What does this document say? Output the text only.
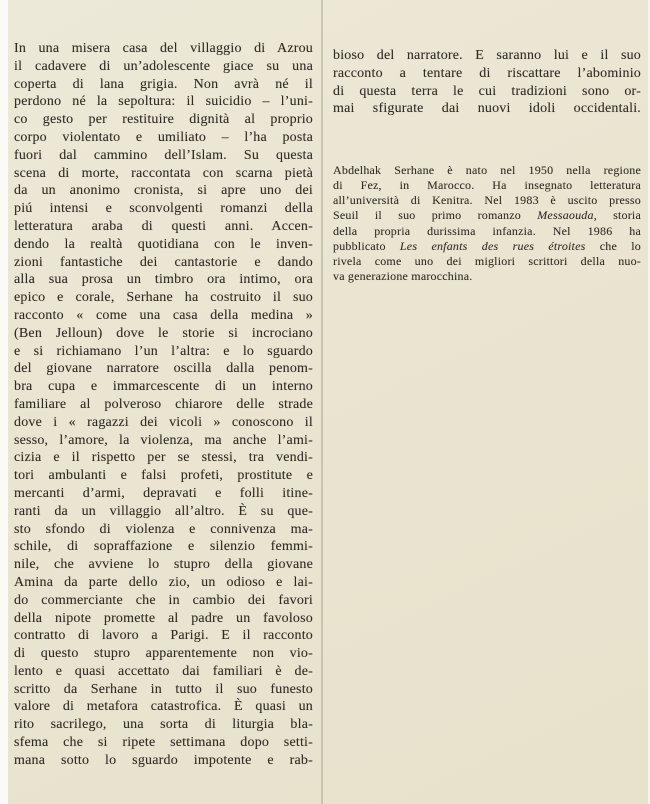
In una misera casa del villaggio di Azrou
il cadavere di un’adolescente giace su una
coperta di lana grigia. Non avrà né il
perdono né la sepoltura: il suicidio – l’uni-
co gesto per restituire dignità al proprio
corpo violentato e umiliato – l’ha posta
fuori dal cammino dell’Islam. Su questa
scena di morte, raccontata con scarna pietà
da un anonimo cronista, si apre uno dei
piú intensi e sconvolgenti romanzi della
letteratura araba di questi anni. Accen-
dendo la realtà quotidiana con le inven-
zioni fantastiche dei cantastorie e dando
alla sua prosa un timbro ora intimo, ora
epico e corale, Serhane ha costruito il suo
racconto « come una casa della medina »
(Ben Jelloun) dove le storie si incrociano
e si richiamano l’un l’altra: e lo sguardo
del giovane narratore oscilla dalla penom-
bra cupa e immarcescente di un interno
familiare al polveroso chiarore delle strade
dove i « ragazzi dei vicoli » conoscono il
sesso, l’amore, la violenza, ma anche l’ami-
cizia e il rispetto per se stessi, tra vendi-
tori ambulanti e falsi profeti, prostitute e
mercanti d’armi, depravati e folli itine-
ranti da un villaggio all’altro. È su que-
sto sfondo di violenza e connivenza ma-
schile, di sopraffazione e silenzio femmi-
nile, che avviene lo stupro della giovane
Amina da parte dello zio, un odioso e lai-
do commerciante che in cambio dei favori
della nipote promette al padre un favoloso
contratto di lavoro a Parigi. E il racconto
di questo stupro apparentemente non vio-
lento e quasi accettato dai familiari è de-
scritto da Serhane in tutto il suo funesto
valore di metafora catastrofica. È quasi un
rito sacrilego, una sorta di liturgia bla-
sfema che si ripete settimana dopo setti-
mana sotto lo sguardo impotente e rab-
bioso del narratore. E saranno lui e il suo
racconto a tentare di riscattare l’abominio
di questa terra le cui tradizioni sono or-
mai sfigurate dai nuovi idoli occidentali.
Abdelhak Serhane è nato nel 1950 nella regione
di Fez, in Marocco. Ha insegnato letteratura
all’università di Kenitra. Nel 1983 è uscito presso
Seuil il suo primo romanzo Messaouda, storia
della propria durissima infanzia. Nel 1986 ha
pubblicato Les enfants des rues étroites che lo
rivela come uno dei migliori scrittori della nuo-
va generazione marocchina.
